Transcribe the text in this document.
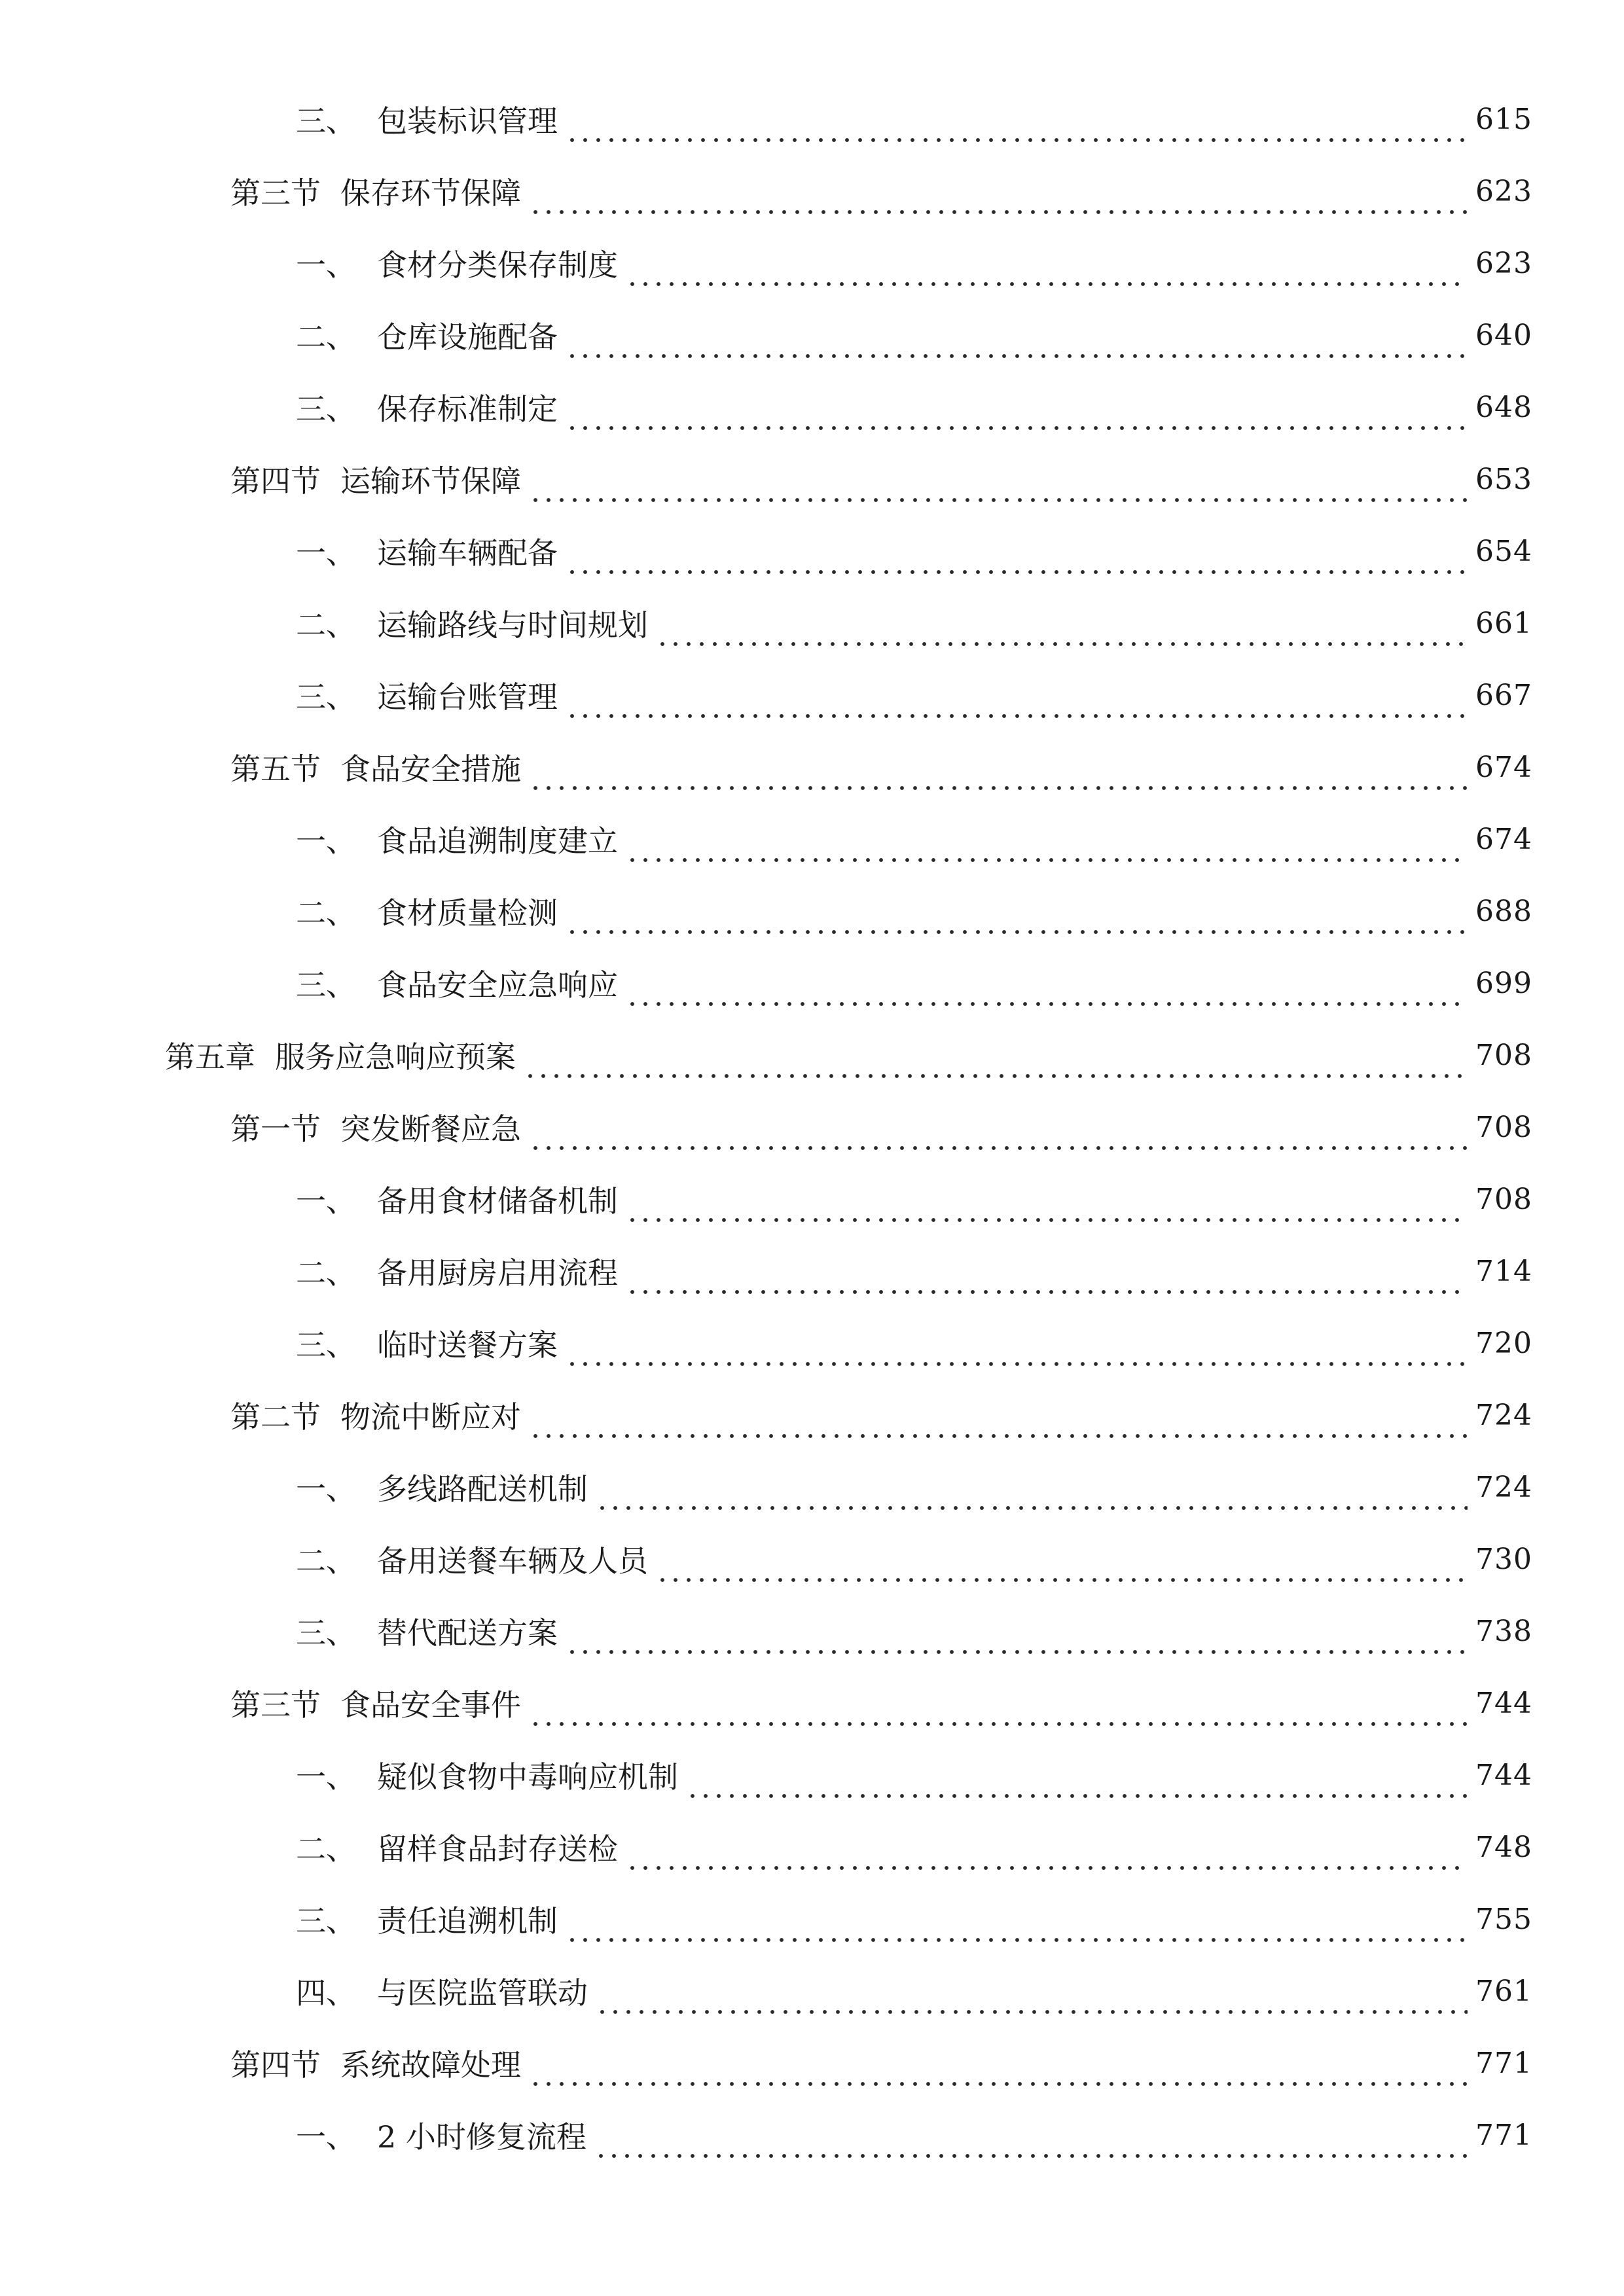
三、 包装标识管理	615
第三节 保存环节保障	623
一、 食材分类保存制度	623
二、 仓库设施配备	640
三、 保存标准制定	648
第四节 运输环节保障	653
一、 运输车辆配备	654
二、 运输路线与时间规划	661
三、 运输台账管理	667
第五节 食品安全措施	674
一、 食品追溯制度建立	674
二、 食材质量检测	688
三、 食品安全应急响应	699
第五章 服务应急响应预案	708
第一节 突发断餐应急	708
一、 备用食材储备机制	708
二、 备用厨房启用流程	714
三、 临时送餐方案	720
第二节 物流中断应对	724
一、 多线路配送机制	724
二、 备用送餐车辆及人员	730
三、 替代配送方案	738
第三节 食品安全事件	744
一、 疑似食物中毒响应机制	744
二、 留样食品封存送检	748
三、 责任追溯机制	755
四、 与医院监管联动	761
第四节 系统故障处理	771
一、 2 小时修复流程	771
